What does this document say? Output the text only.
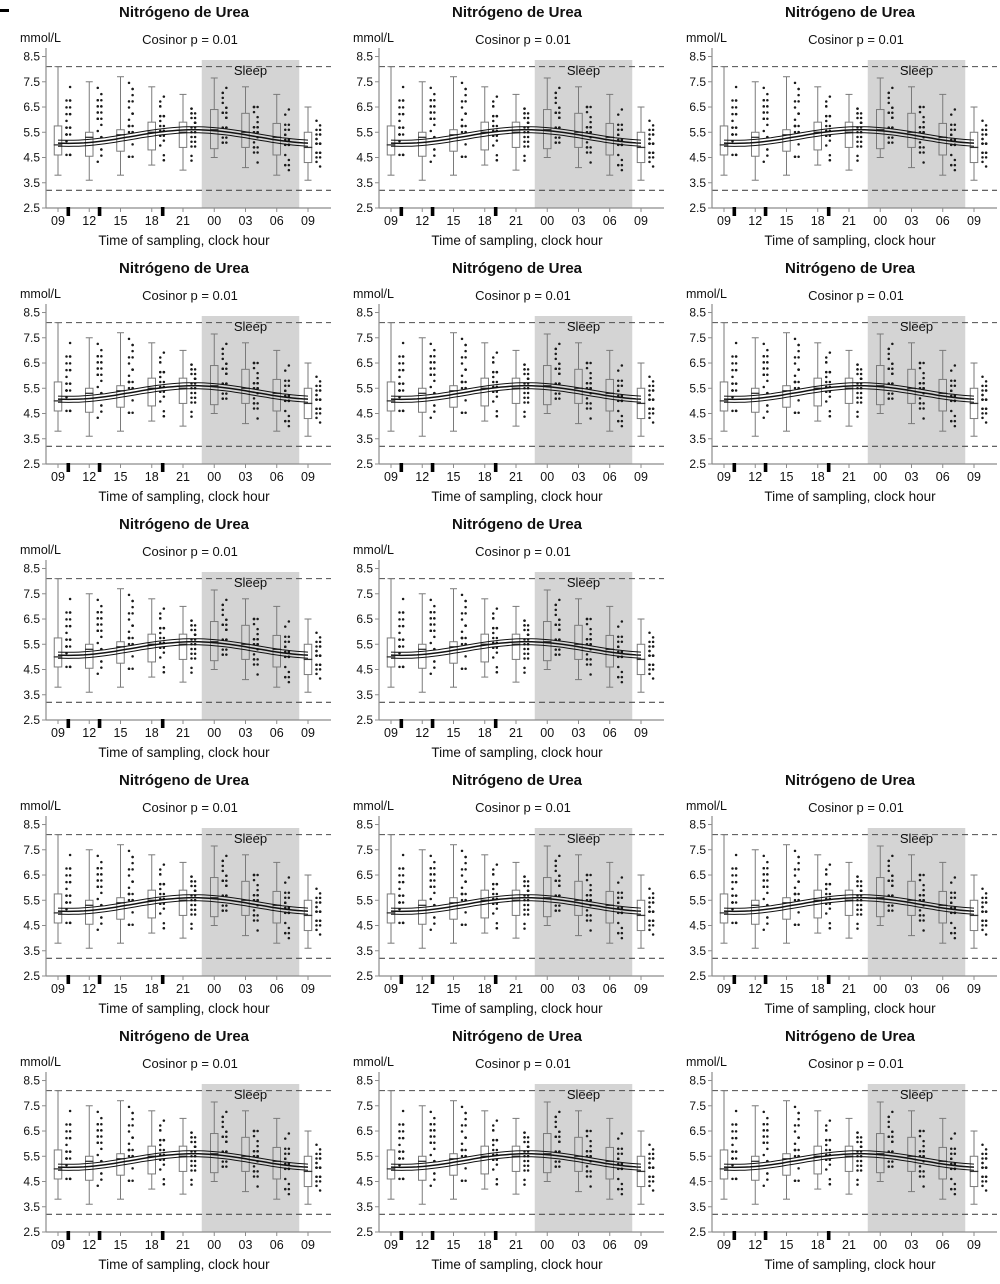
2.5
3.5
4.5
5.5
6.5
7.5
8.5
09 12 15 18 21 00 03 06 09
Nitrógeno de Urea
mmol/L	Cosinor p = 0.01
Sleep
Time of sampling, clock hour
2.5
3.5
4.5
5.5
6.5
7.5
8.5
09 12 15 18 21 00 03 06 09
Nitrógeno de Urea
mmol/L	Cosinor p = 0.01
Sleep
Time of sampling, clock hour
2.5
3.5
4.5
5.5
6.5
7.5
8.5
09 12 15 18 21 00 03 06 09
Nitrógeno de Urea
mmol/L	Cosinor p = 0.01
Sleep
Time of sampling, clock hour
2.5
3.5
4.5
5.5
6.5
7.5
8.5
09 12 15 18 21 00 03 06 09
Nitrógeno de Urea
mmol/L	Cosinor p = 0.01
Sleep
Time of sampling, clock hour
2.5
3.5
4.5
5.5
6.5
7.5
8.5
09 12 15 18 21 00 03 06 09
Nitrógeno de Urea
mmol/L	Cosinor p = 0.01
Sleep
Time of sampling, clock hour
2.5
3.5
4.5
5.5
6.5
7.5
8.5
09 12 15 18 21 00 03 06 09
Nitrógeno de Urea
mmol/L	Cosinor p = 0.01
Sleep
Time of sampling, clock hour
2.5
3.5
4.5
5.5
6.5
7.5
8.5
09 12 15 18 21 00 03 06 09
Nitrógeno de Urea
mmol/L	Cosinor p = 0.01
Sleep
Time of sampling, clock hour
2.5
3.5
4.5
5.5
6.5
7.5
8.5
09 12 15 18 21 00 03 06 09
Nitrógeno de Urea
mmol/L	Cosinor p = 0.01
Sleep
Time of sampling, clock hour
2.5
3.5
4.5
5.5
6.5
7.5
8.5
09 12 15 18 21 00 03 06 09
Nitrógeno de Urea
mmol/L	Cosinor p = 0.01
Sleep
Time of sampling, clock hour
2.5
3.5
4.5
5.5
6.5
7.5
8.5
09 12 15 18 21 00 03 06 09
Nitrógeno de Urea
mmol/L	Cosinor p = 0.01
Sleep
Time of sampling, clock hour
2.5
3.5
4.5
5.5
6.5
7.5
8.5
09 12 15 18 21 00 03 06 09
Nitrógeno de Urea
mmol/L	Cosinor p = 0.01
Sleep
Time of sampling, clock hour
2.5
3.5
4.5
5.5
6.5
7.5
8.5
09 12 15 18 21 00 03 06 09
Nitrógeno de Urea
mmol/L	Cosinor p = 0.01
Sleep
Time of sampling, clock hour
2.5
3.5
4.5
5.5
6.5
7.5
8.5
09 12 15 18 21 00 03 06 09
Nitrógeno de Urea
mmol/L	Cosinor p = 0.01
Sleep
Time of sampling, clock hour
2.5
3.5
4.5
5.5
6.5
7.5
8.5
09 12 15 18 21 00 03 06 09
Nitrógeno de Urea
mmol/L	Cosinor p = 0.01
Sleep
Time of sampling, clock hour
